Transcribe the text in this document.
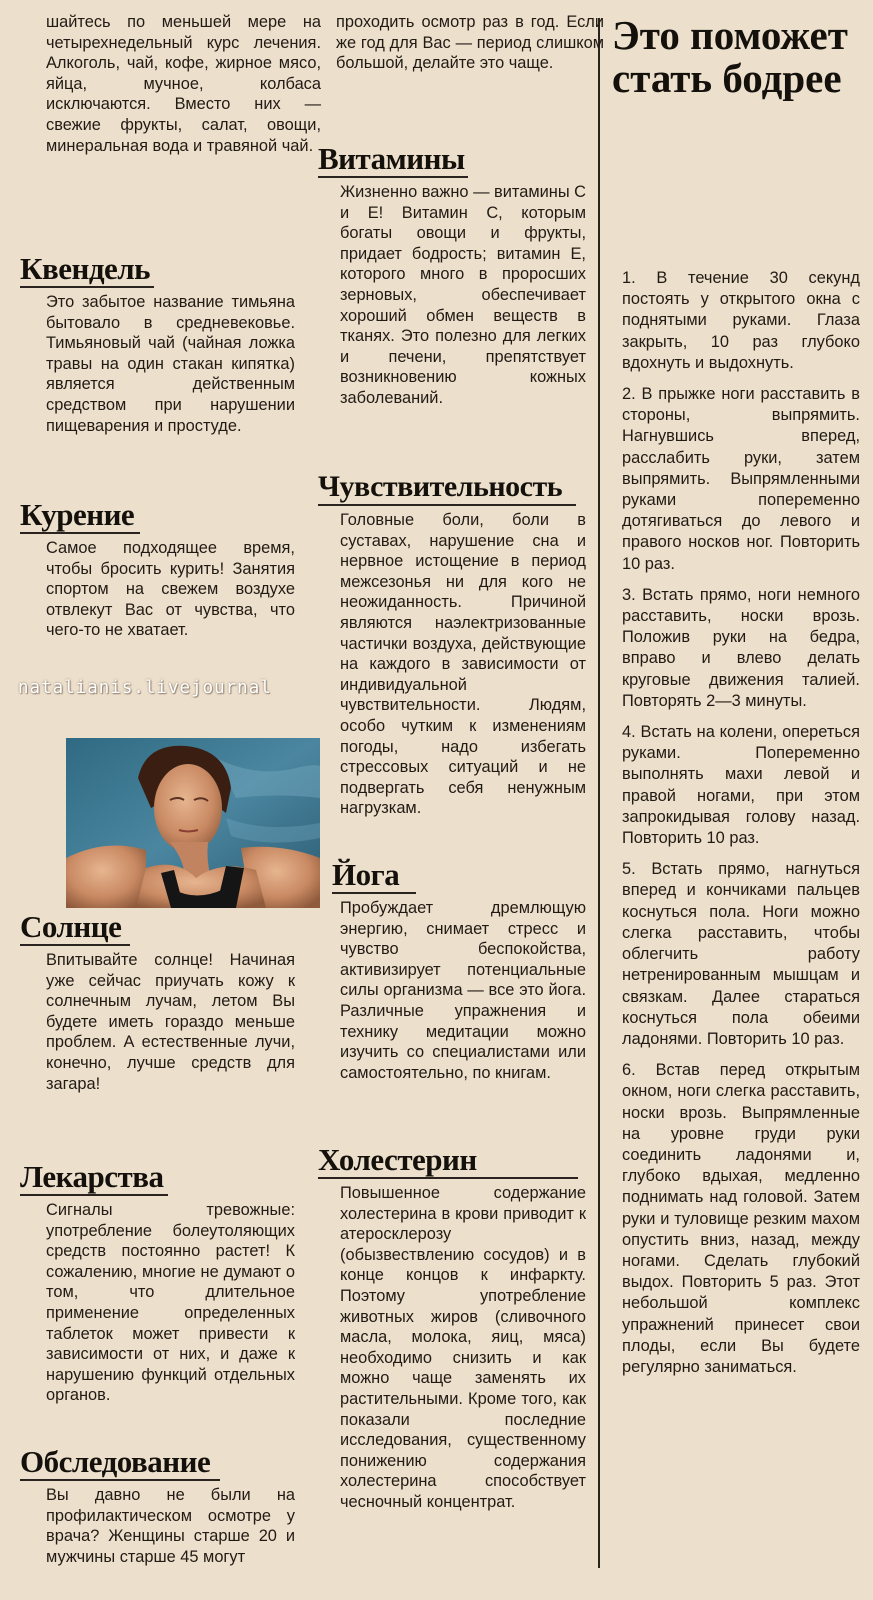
шайтесь по меньшей мере на четырехнедельный курс лечения. Алкоголь, чай, кофе, жирное мясо, яйца, мучное, колбаса исключаются. Вместо них — свежие фрукты, салат, овощи, минеральная вода и травяной чай.

Квендель

Это забытое название тимьяна бытовало в средневековье. Тимьяновый чай (чайная ложка травы на один стакан кипятка) является действенным средством при нарушении пищеварения и простуде.

Курение

Самое подходящее время, чтобы бросить курить! Занятия спортом на свежем воздухе отвлекут Вас от чувства, что чего-то не хватает.

Солнце

Впитывайте солнце! Начиная уже сейчас приучать кожу к солнечным лучам, летом Вы будете иметь гораздо меньше проблем. А естественные лучи, конечно, лучше средств для загара!

Лекарства

Сигналы тревожные: употребление болеутоляющих средств постоянно растет! К сожалению, многие не думают о том, что длительное применение определенных таблеток может привести к зависимости от них, и даже к нарушению функций отдельных органов.

Обследование

Вы давно не были на профилактическом осмотре у врача? Женщины старше 20 и мужчины старше 45 могут

проходить осмотр раз в год. Если же год для Вас — период слишком большой, делайте это чаще.

Витамины

Жизненно важно — витамины С и Е! Витамин С, которым богаты овощи и фрукты, придает бодрость; витамин Е, которого много в проросших зерновых, обеспечивает хороший обмен веществ в тканях. Это полезно для легких и печени, препятствует возникновению кожных заболеваний.

Чувствительность

Головные боли, боли в суставах, нарушение сна и нервное истощение в период межсезонья ни для кого не неожиданность. Причиной являются наэлектризованные частички воздуха, действующие на каждого в зависимости от индивидуальной чувствительности. Людям, особо чутким к изменениям погоды, надо избегать стрессовых ситуаций и не подвергать себя ненужным нагрузкам.

Йога

Пробуждает дремлющую энергию, снимает стресс и чувство беспокойства, активизирует потенциальные силы организма — все это йога. Различные упражнения и технику медитации можно изучить со специалистами или самостоятельно, по книгам.

Холестерин

Повышенное содержание холестерина в крови приводит к атеросклерозу (обызвествлению сосудов) и в конце концов к инфаркту. Поэтому употребление животных жиров (сливочного масла, молока, яиц, мяса) необходимо снизить и как можно чаще заменять их растительными. Кроме того, как показали последние исследования, существенному понижению содержания холестерина способствует чесночный концентрат.

Это поможет стать бодрее

1. В течение 30 секунд постоять у открытого окна с поднятыми руками. Глаза закрыть, 10 раз глубоко вдохнуть и выдохнуть.

2. В прыжке ноги расставить в стороны, выпрямить. Нагнувшись вперед, расслабить руки, затем выпрямить. Выпрямленными руками попеременно дотягиваться до левого и правого носков ног. Повторить 10 раз.

3. Встать прямо, ноги немного расставить, носки врозь. Положив руки на бедра, вправо и влево делать круговые движения талией. Повторять 2—3 минуты.

4. Встать на колени, опереться руками. Попеременно выполнять махи левой и правой ногами, при этом запрокидывая голову назад. Повторить 10 раз.

5. Встать прямо, нагнуться вперед и кончиками пальцев коснуться пола. Ноги можно слегка расставить, чтобы облегчить работу нетренированным мышцам и связкам. Далее стараться коснуться пола обеими ладонями. Повторить 10 раз.

6. Встав перед открытым окном, ноги слегка расставить, носки врозь. Выпрямленные на уровне груди руки соединить ладонями и, глубоко вдыхая, медленно поднимать над головой. Затем руки и туловище резким махом опустить вниз, назад, между ногами. Сделать глубокий выдох. Повторить 5 раз. Этот небольшой комплекс упражнений принесет свои плоды, если Вы будете регулярно заниматься.

natalianis.livejournal
